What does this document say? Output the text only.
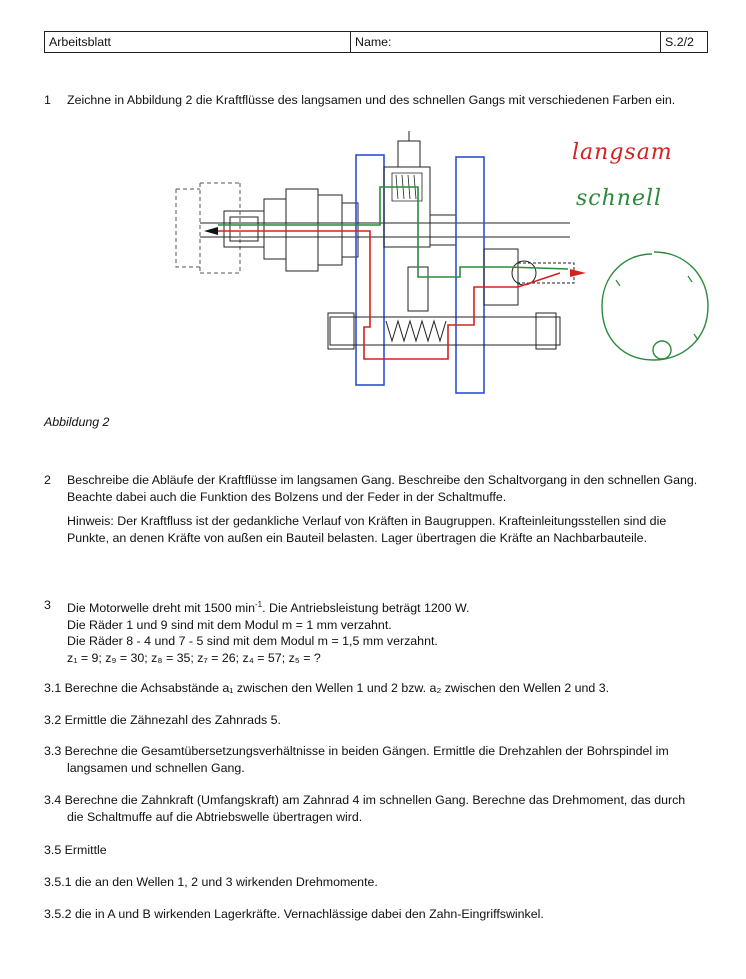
Arbeitsblatt	Name:	S.2/2
1 Zeichne in Abbildung 2 die Kraftflüsse des langsamen und des schnellen Gangs mit verschiedenen Farben ein.

langsam
schnell
Abbildung 2
2 Beschreibe die Abläufe der Kraftflüsse im langsamen Gang. Beschreibe den Schaltvorgang in den schnellen Gang. Beachte dabei auch die Funktion des Bolzens und der Feder in der Schaltmuffe.

Hinweis: Der Kraftfluss ist der gedankliche Verlauf von Kräften in Baugruppen. Krafteinleitungsstellen sind die Punkte, an denen Kräfte von außen ein Bauteil belasten. Lager übertragen die Kräfte an Nachbarbauteile.

3 Die Motorwelle dreht mit 1500 $\min^{-1}$. Die Antriebsleistung beträgt 1200 W.

Die Räder 1 und 9 sind mit dem Modul m = 1 mm verzahnt.

Die Räder 8 - 4 und 7 - 5 sind mit dem Modul m = 1,5 mm verzahnt.

z₁ = 9; z₉ = 30; z₈ = 35; z₇ = 26; z₄ = 57; z₅ = ?

3.1 Berechne die Achsabstände a₁ zwischen den Wellen 1 und 2 bzw. a₂ zwischen den Wellen 2 und 3.
3.2 Ermittle die Zähnezahl des Zahnrads 5.
3.3 Berechne die Gesamtübersetzungsverhältnisse in beiden Gängen. Ermittle die Drehzahlen der Bohrspindel im langsamen und schnellen Gang.
3.4 Berechne die Zahnkraft (Umfangskraft) am Zahnrad 4 im schnellen Gang. Berechne das Drehmoment, das durch die Schaltmuffe auf die Abtriebswelle übertragen wird.
3.5 Ermittle
3.5.1 die an den Wellen 1, 2 und 3 wirkenden Drehmomente.
3.5.2 die in A und B wirkenden Lagerkräfte. Vernachlässige dabei den Zahn-Eingriffswinkel.
